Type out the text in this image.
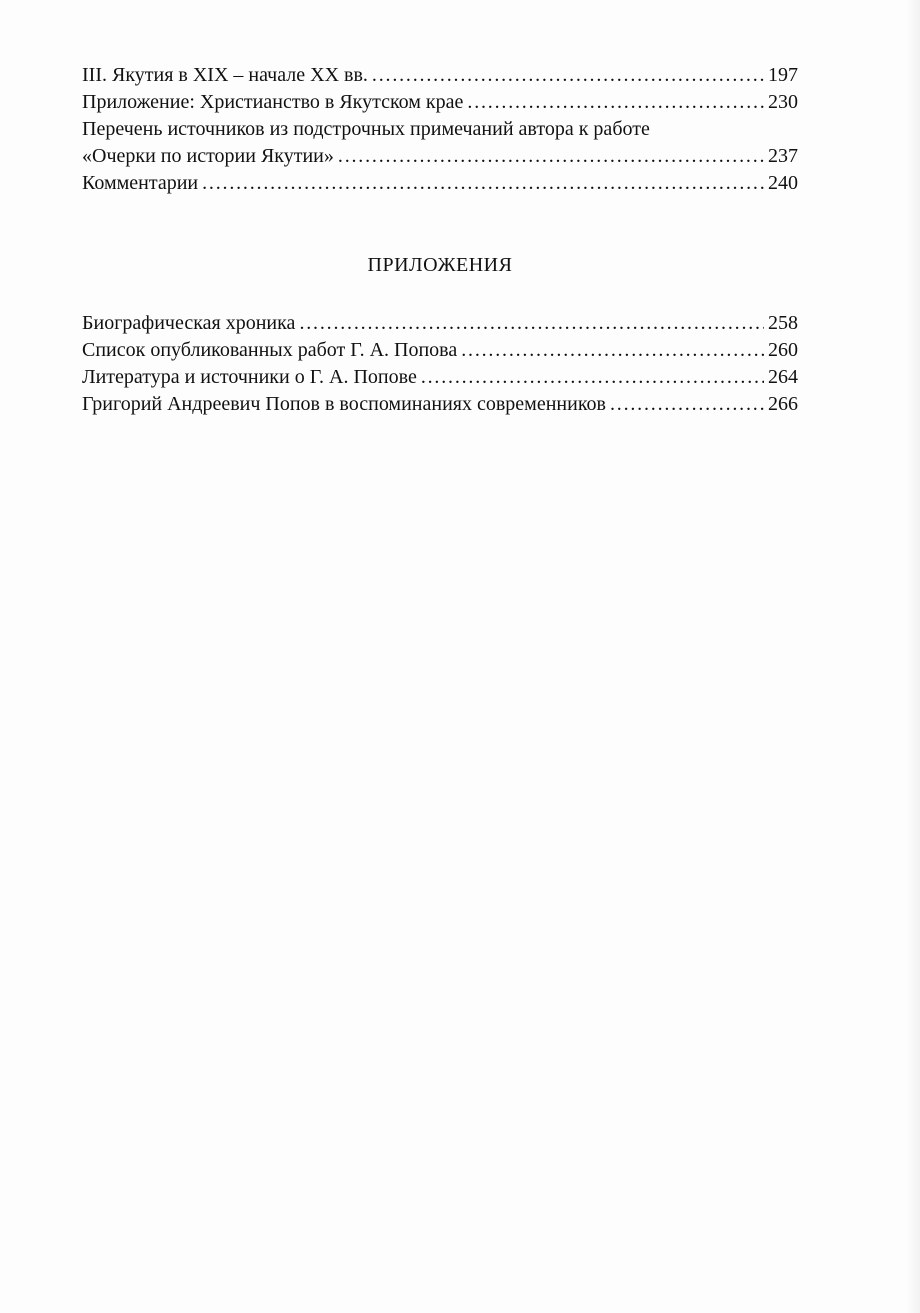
III. Якутия в XIX – начале XX вв. . . .	197
Приложение: Христианство в Якутском крае . . .	230
Перечень источников из подстрочных примечаний автора к работе
«Очерки по истории Якутии» . . .	237
Комментарии . . .	240
ПРИЛОЖЕНИЯ
Биографическая хроника . . .	258
Список опубликованных работ Г. А. Попова . . .	260
Литература и источники о Г. А. Попове . . .	264
Григорий Андреевич Попов в воспоминаниях современников . . .	266
